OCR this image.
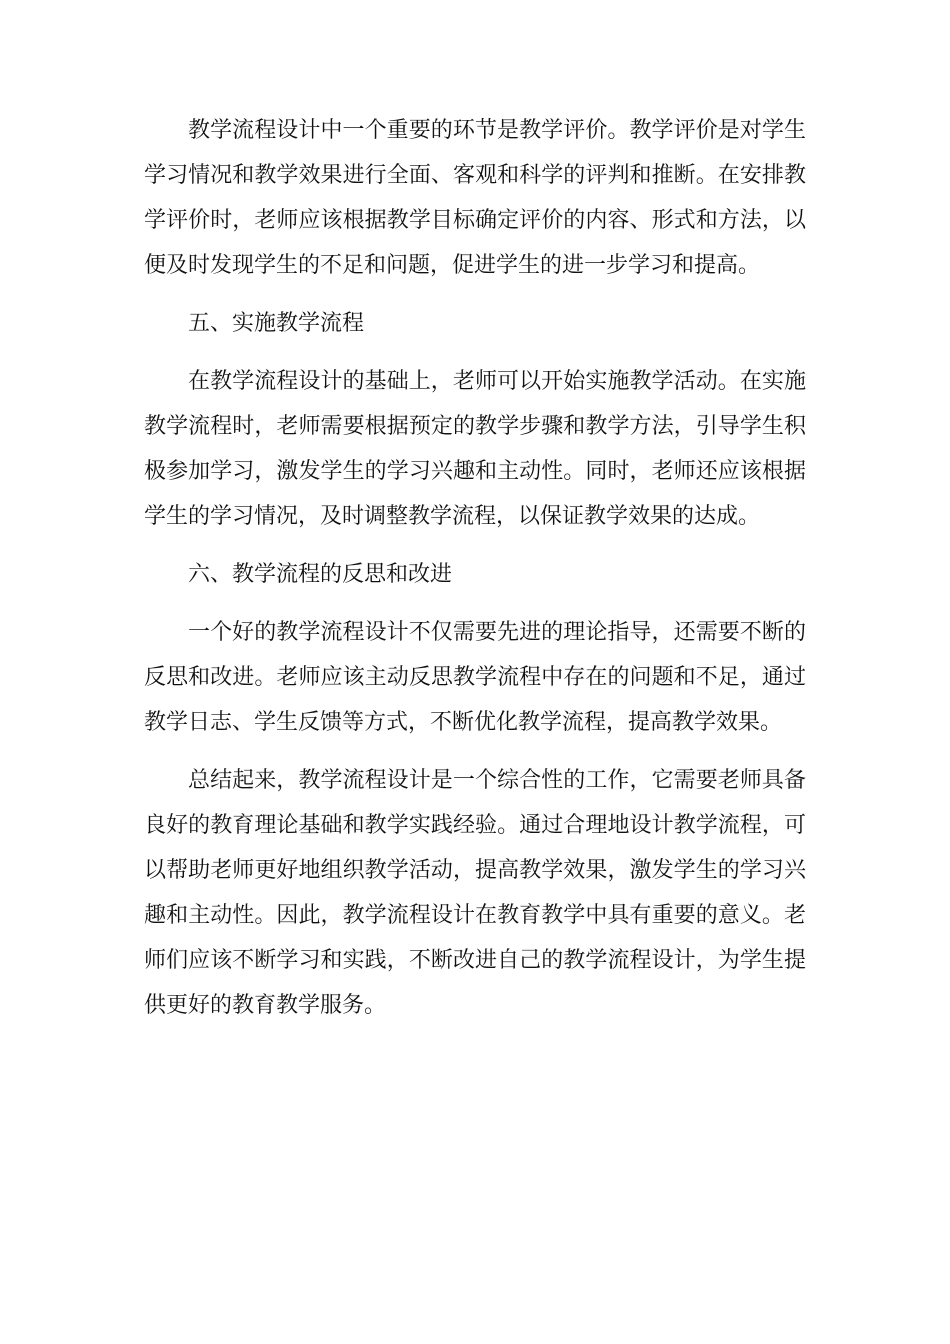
教学流程设计中一个重要的环节是教学评价。教学评价是对学生学习情况和教学效果进行全面、客观和科学的评判和推断。在安排教学评价时，老师应该根据教学目标确定评价的内容、形式和方法，以便及时发现学生的不足和问题，促进学生的进一步学习和提高。

五、实施教学流程

在教学流程设计的基础上，老师可以开始实施教学活动。在实施教学流程时，老师需要根据预定的教学步骤和教学方法，引导学生积极参加学习，激发学生的学习兴趣和主动性。同时，老师还应该根据学生的学习情况，及时调整教学流程，以保证教学效果的达成。

六、教学流程的反思和改进

一个好的教学流程设计不仅需要先进的理论指导，还需要不断的反思和改进。老师应该主动反思教学流程中存在的问题和不足，通过教学日志、学生反馈等方式，不断优化教学流程，提高教学效果。

总结起来，教学流程设计是一个综合性的工作，它需要老师具备良好的教育理论基础和教学实践经验。通过合理地设计教学流程，可以帮助老师更好地组织教学活动，提高教学效果，激发学生的学习兴趣和主动性。因此，教学流程设计在教育教学中具有重要的意义。老师们应该不断学习和实践，不断改进自己的教学流程设计，为学生提供更好的教育教学服务。
